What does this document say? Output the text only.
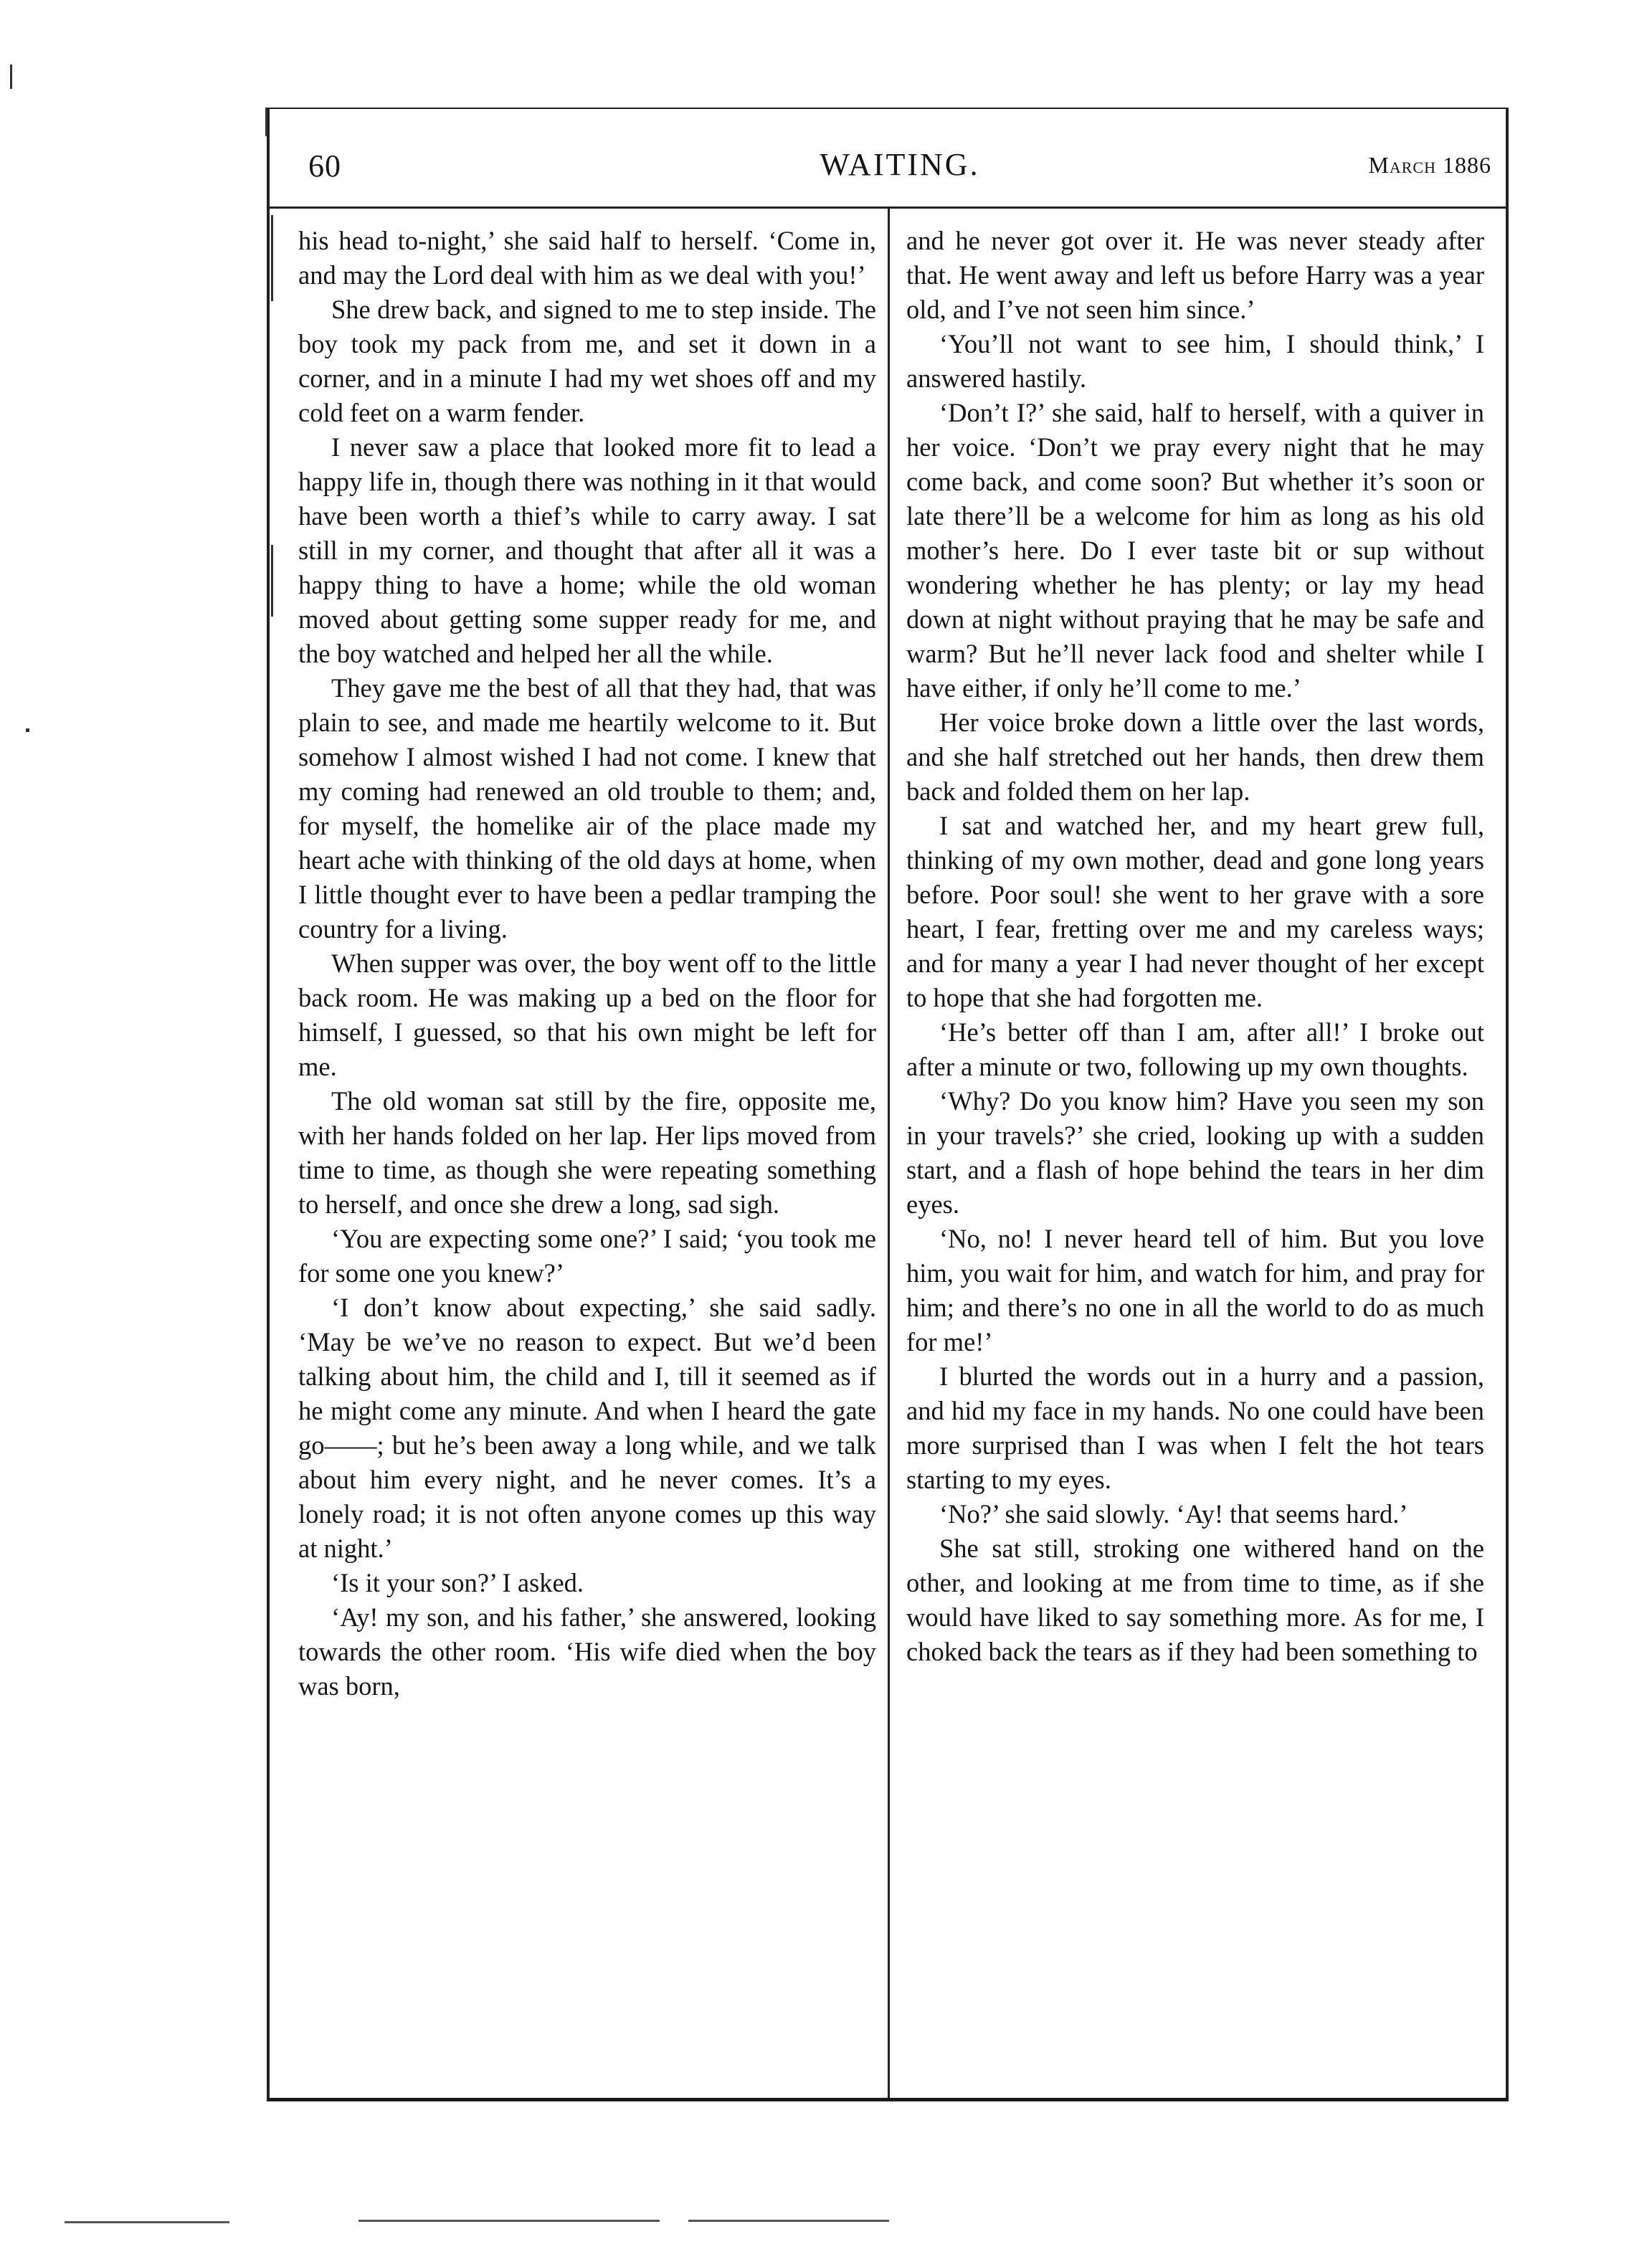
60	WAITING.	March 1886

his head to-night,’ she said half to herself. ‘Come in, and may the Lord deal with him as we deal with you!’

She drew back, and signed to me to step inside. The boy took my pack from me, and set it down in a corner, and in a minute I had my wet shoes off and my cold feet on a warm fender.

I never saw a place that looked more fit to lead a happy life in, though there was nothing in it that would have been worth a thief’s while to carry away. I sat still in my corner, and thought that after all it was a happy thing to have a home; while the old woman moved about getting some supper ready for me, and the boy watched and helped her all the while.

They gave me the best of all that they had, that was plain to see, and made me heartily welcome to it. But somehow I almost wished I had not come. I knew that my coming had renewed an old trouble to them; and, for myself, the homelike air of the place made my heart ache with thinking of the old days at home, when I little thought ever to have been a pedlar tramping the country for a living.

When supper was over, the boy went off to the little back room. He was making up a bed on the floor for himself, I guessed, so that his own might be left for me.

The old woman sat still by the fire, opposite me, with her hands folded on her lap. Her lips moved from time to time, as though she were repeating something to herself, and once she drew a long, sad sigh.

‘You are expecting some one?’ I said; ‘you took me for some one you knew?’

‘I don’t know about expecting,’ she said sadly. ‘May be we’ve no reason to expect. But we’d been talking about him, the child and I, till it seemed as if he might come any minute. And when I heard the gate go——; but he’s been away a long while, and we talk about him every night, and he never comes. It’s a lonely road; it is not often anyone comes up this way at night.’

‘Is it your son?’ I asked.

‘Ay! my son, and his father,’ she answered, looking towards the other room. ‘His wife died when the boy was born,

and he never got over it. He was never steady after that. He went away and left us before Harry was a year old, and I’ve not seen him since.’

‘You’ll not want to see him, I should think,’ I answered hastily.

‘Don’t I?’ she said, half to herself, with a quiver in her voice. ‘Don’t we pray every night that he may come back, and come soon? But whether it’s soon or late there’ll be a welcome for him as long as his old mother’s here. Do I ever taste bit or sup without wondering whether he has plenty; or lay my head down at night without praying that he may be safe and warm? But he’ll never lack food and shelter while I have either, if only he’ll come to me.’

Her voice broke down a little over the last words, and she half stretched out her hands, then drew them back and folded them on her lap.

I sat and watched her, and my heart grew full, thinking of my own mother, dead and gone long years before. Poor soul! she went to her grave with a sore heart, I fear, fretting over me and my careless ways; and for many a year I had never thought of her except to hope that she had forgotten me.

‘He’s better off than I am, after all!’ I broke out after a minute or two, following up my own thoughts.

‘Why? Do you know him? Have you seen my son in your travels?’ she cried, looking up with a sudden start, and a flash of hope behind the tears in her dim eyes.

‘No, no! I never heard tell of him. But you love him, you wait for him, and watch for him, and pray for him; and there’s no one in all the world to do as much for me!’

I blurted the words out in a hurry and a passion, and hid my face in my hands. No one could have been more surprised than I was when I felt the hot tears starting to my eyes.

‘No?’ she said slowly. ‘Ay! that seems hard.’

She sat still, stroking one withered hand on the other, and looking at me from time to time, as if she would have liked to say something more. As for me, I choked back the tears as if they had been something to
